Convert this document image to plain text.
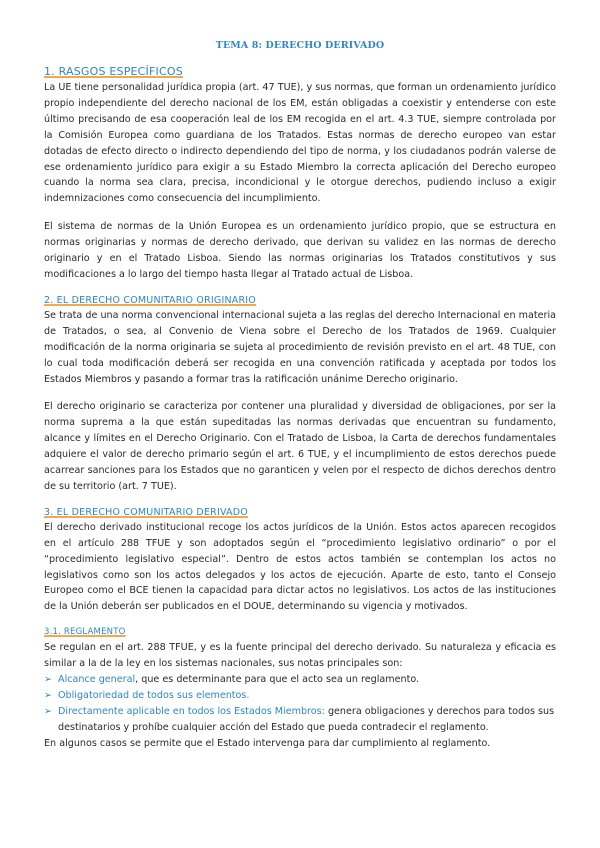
TEMA 8: DERECHO DERIVADO
1. RASGOS ESPECÍFICOS

La UE tiene personalidad jurídica propia (art. 47 TUE), y sus normas, que forman un ordenamiento jurídico propio independiente del derecho nacional de los EM, están obligadas a coexistir y entenderse con este último precisando de esa cooperación leal de los EM recogida en el art. 4.3 TUE, siempre controlada por la Comisión Europea como guardiana de los Tratados. Estas normas de derecho europeo van estar dotadas de efecto directo o indirecto dependiendo del tipo de norma, y los ciudadanos podrán valerse de ese ordenamiento jurídico para exigir a su Estado Miembro la correcta aplicación del Derecho europeo cuando la norma sea clara, precisa, incondicional y le otorgue derechos, pudiendo incluso a exigir indemnizaciones como consecuencia del incumplimiento.

El sistema de normas de la Unión Europea es un ordenamiento jurídico propio, que se estructura en normas originarias y normas de derecho derivado, que derivan su validez en las normas de derecho originario y en el Tratado Lisboa. Siendo las normas originarias los Tratados constitutivos y sus modificaciones a lo largo del tiempo hasta llegar al Tratado actual de Lisboa.

2. EL DERECHO COMUNITARIO ORIGINARIO

Se trata de una norma convencional internacional sujeta a las reglas del derecho Internacional en materia de Tratados, o sea, al Convenio de Viena sobre el Derecho de los Tratados de 1969. Cualquier modificación de la norma originaria se sujeta al procedimiento de revisión previsto en el art. 48 TUE, con lo cual toda modificación deberá ser recogida en una convención ratificada y aceptada por todos los Estados Miembros y pasando a formar tras la ratificación unánime Derecho originario.

El derecho originario se caracteriza por contener una pluralidad y diversidad de obligaciones, por ser la norma suprema a la que están supeditadas las normas derivadas que encuentran su fundamento, alcance y límites en el Derecho Originario. Con el Tratado de Lisboa, la Carta de derechos fundamentales adquiere el valor de derecho primario según el art. 6 TUE, y el incumplimiento de estos derechos puede acarrear sanciones para los Estados que no garanticen y velen por el respecto de dichos derechos dentro de su territorio (art. 7 TUE).

3. EL DERECHO COMUNITARIO DERIVADO

El derecho derivado institucional recoge los actos jurídicos de la Unión. Estos actos aparecen recogidos en el artículo 288 TFUE y son adoptados según el “procedimiento legislativo ordinario” o por el “procedimiento legislativo especial”. Dentro de estos actos también se contemplan los actos no legislativos como son los actos delegados y los actos de ejecución. Aparte de esto, tanto el Consejo Europeo como el BCE tienen la capacidad para dictar actos no legislativos. Los actos de las instituciones de la Unión deberán ser publicados en el DOUE, determinando su vigencia y motivados.

3.1. REGLAMENTO

Se regulan en el art. 288 TFUE, y es la fuente principal del derecho derivado. Su naturaleza y eficacia es similar a la de la ley en los sistemas nacionales, sus notas principales son:

➢ Alcance general, que es determinante para que el acto sea un reglamento.
➢ Obligatoriedad de todos sus elementos.
➢ Directamente aplicable en todos los Estados Miembros: genera obligaciones y derechos para todos sus destinatarios y prohíbe cualquier acción del Estado que pueda contradecir el reglamento.
En algunos casos se permite que el Estado intervenga para dar cumplimiento al reglamento.
